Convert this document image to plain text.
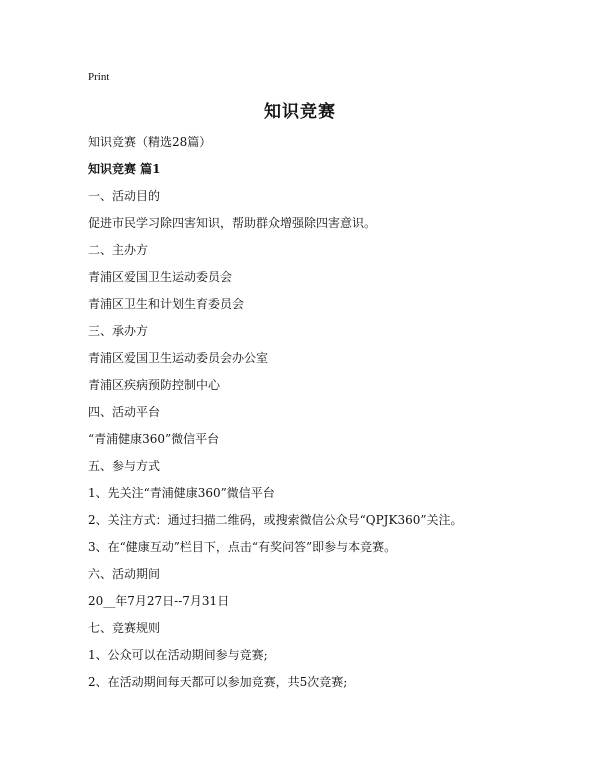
Print
知识竞赛
知识竞赛（精选28篇）
知识竞赛 篇1
一、活动目的
促进市民学习除四害知识，帮助群众增强除四害意识。
二、主办方
青浦区爱国卫生运动委员会
青浦区卫生和计划生育委员会
三、承办方
青浦区爱国卫生运动委员会办公室
青浦区疾病预防控制中心
四、活动平台
“青浦健康360”微信平台
五、参与方式
1、先关注“青浦健康360”微信平台
2、关注方式：通过扫描二维码，或搜索微信公众号“QPJK360”关注。
3、在“健康互动”栏目下，点击“有奖问答”即参与本竞赛。
六、活动期间
20__年7月27日--7月31日
七、竞赛规则
1、公众可以在活动期间参与竞赛;
2、在活动期间每天都可以参加竞赛，共5次竞赛;
